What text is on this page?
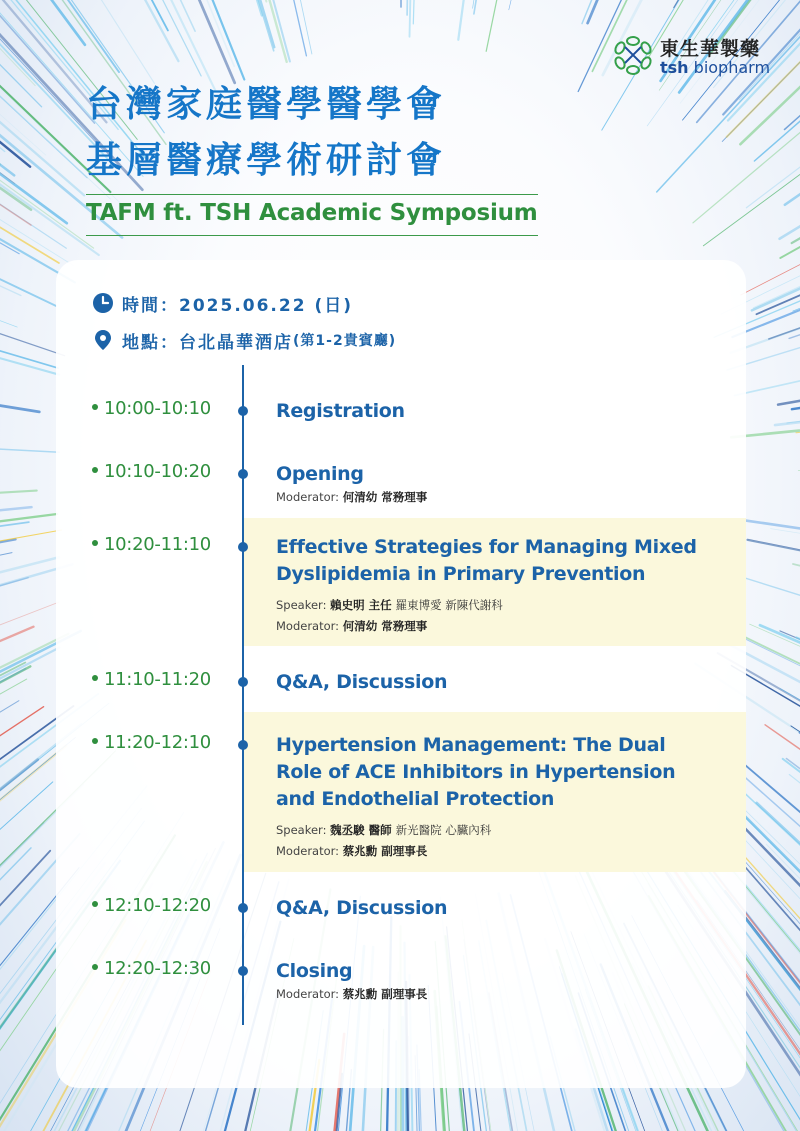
東生華製藥
tsh biopharm
台灣家庭醫學醫學會
基層醫療學術研討會
TAFM ft. TSH Academic Symposium
時間： 2025.06.22 (日)
地點： 台北晶華酒店 (第1-2貴賓廳)
10:00-10:10	Registration
10:10-10:20	Opening
Moderator: 何清幼 常務理事
10:20-11:10	Effective Strategies for Managing Mixed
Dyslipidemia in Primary Prevention
Speaker: 賴史明 主任 羅東博愛 新陳代謝科
Moderator: 何清幼 常務理事
11:10-11:20	Q&A, Discussion
11:20-12:10	Hypertension Management: The Dual
Role of ACE Inhibitors in Hypertension
and Endothelial Protection
Speaker: 魏丞駿 醫師 新光醫院 心臟內科
Moderator: 蔡兆勳 副理事長
12:10-12:20	Q&A, Discussion
12:20-12:30	Closing
Moderator: 蔡兆勳 副理事長
